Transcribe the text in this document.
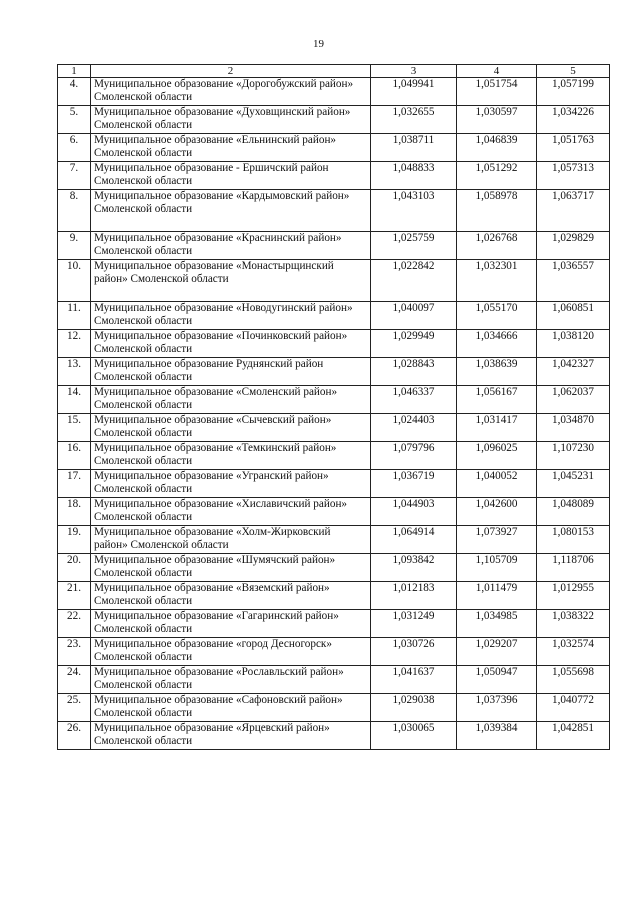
19
1	2	3	4	5
4.	Муниципальное образование «Дорогобужский район» Смоленской области	1,049941	1,051754	1,057199
5.	Муниципальное образование «Духовщинский район» Смоленской области	1,032655	1,030597	1,034226
6.	Муниципальное образование «Ельнинский район» Смоленской области	1,038711	1,046839	1,051763
7.	Муниципальное образование - Ершичский район Смоленской области	1,048833	1,051292	1,057313
8.	Муниципальное образование «Кардымовский район» Смоленской области	1,043103	1,058978	1,063717
9.	Муниципальное образование «Краснинский район» Смоленской области	1,025759	1,026768	1,029829
10.	Муниципальное образование «Монастырщинский район» Смоленской области	1,022842	1,032301	1,036557
11.	Муниципальное образование «Новодугинский район» Смоленской области	1,040097	1,055170	1,060851
12.	Муниципальное образование «Починковский район» Смоленской области	1,029949	1,034666	1,038120
13.	Муниципальное образование Руднянский район Смоленской области	1,028843	1,038639	1,042327
14.	Муниципальное образование «Смоленский район» Смоленской области	1,046337	1,056167	1,062037
15.	Муниципальное образование «Сычевский район» Смоленской области	1,024403	1,031417	1,034870
16.	Муниципальное образование «Темкинский район» Смоленской области	1,079796	1,096025	1,107230
17.	Муниципальное образование «Угранский район» Смоленской области	1,036719	1,040052	1,045231
18.	Муниципальное образование «Хиславичский район» Смоленской области	1,044903	1,042600	1,048089
19.	Муниципальное образование «Холм-Жирковский район» Смоленской области	1,064914	1,073927	1,080153
20.	Муниципальное образование «Шумячский район» Смоленской области	1,093842	1,105709	1,118706
21.	Муниципальное образование «Вяземский район» Смоленской области	1,012183	1,011479	1,012955
22.	Муниципальное образование «Гагаринский район» Смоленской области	1,031249	1,034985	1,038322
23.	Муниципальное образование «город Десногорск» Смоленской области	1,030726	1,029207	1,032574
24.	Муниципальное образование «Рославльский район» Смоленской области	1,041637	1,050947	1,055698
25.	Муниципальное образование «Сафоновский район» Смоленской области	1,029038	1,037396	1,040772
26.	Муниципальное образование «Ярцевский район» Смоленской области	1,030065	1,039384	1,042851
